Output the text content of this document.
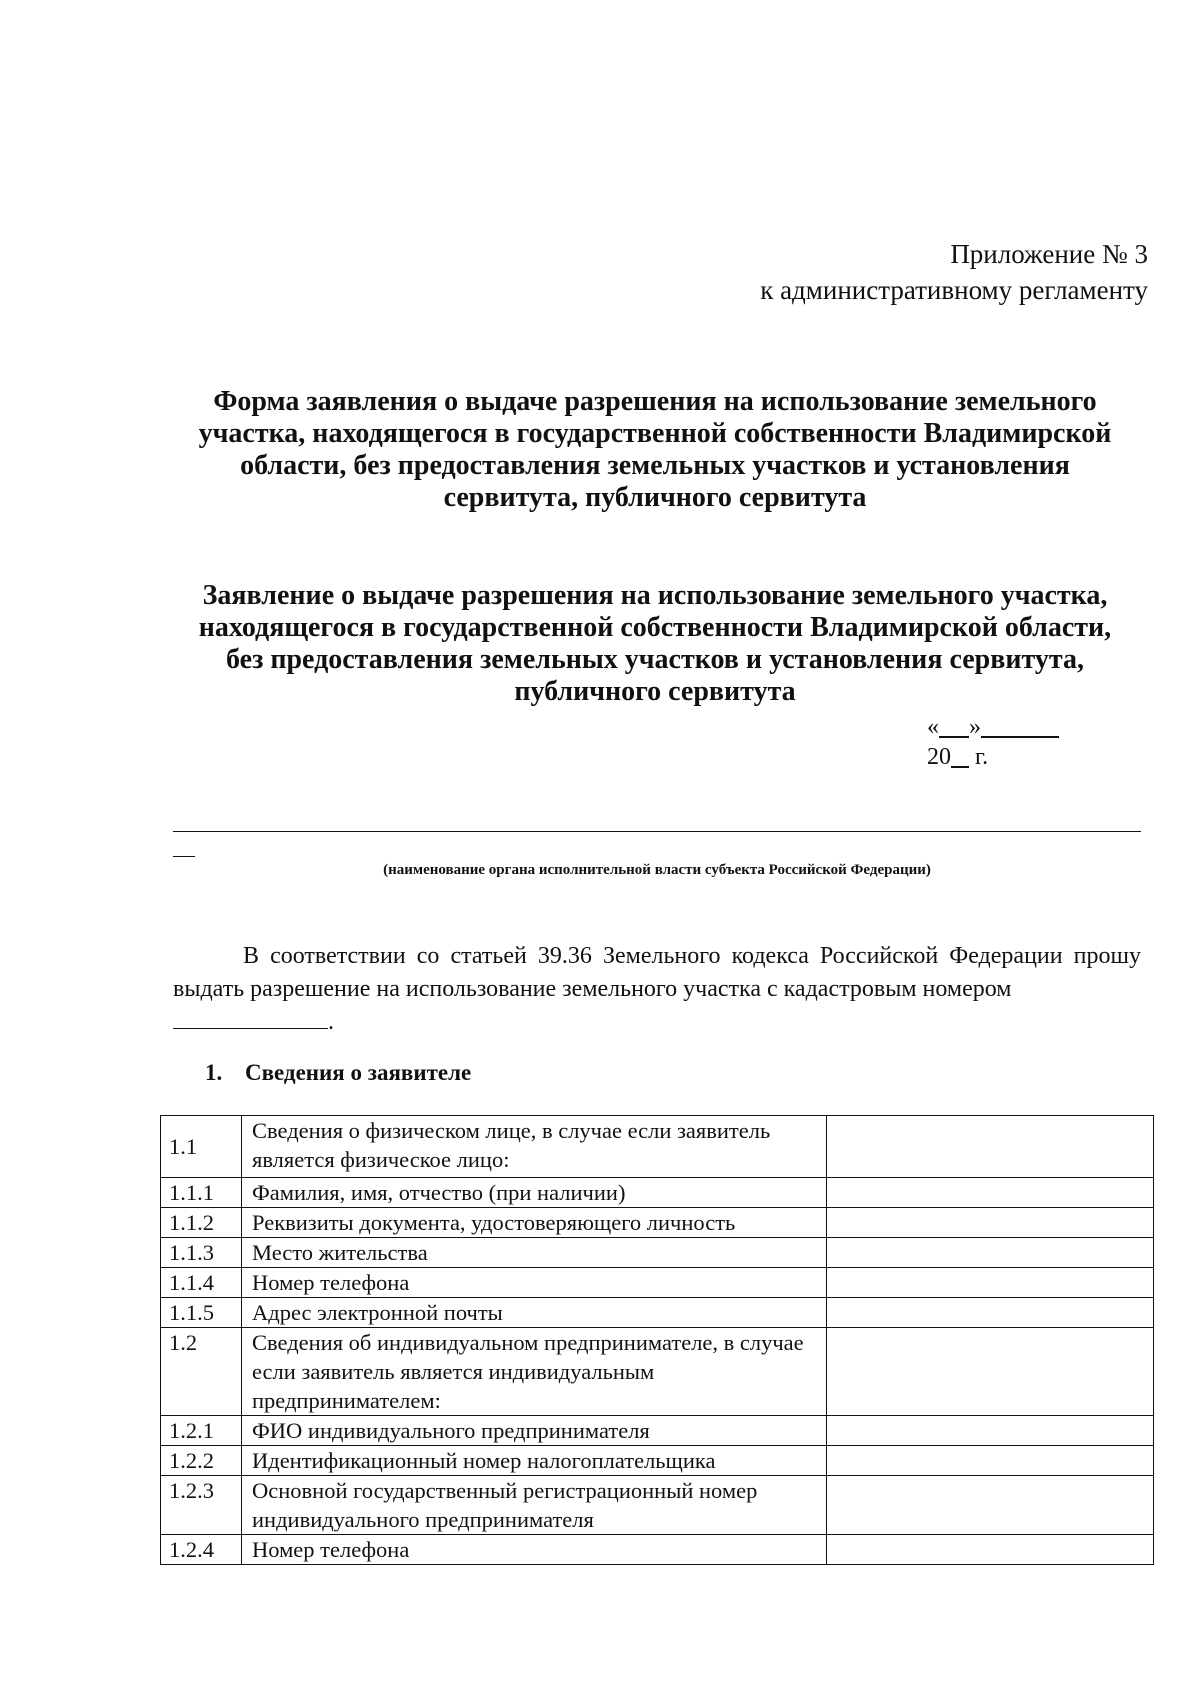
Приложение № 3
к административному регламенту
Форма заявления о выдаче разрешения на использование земельного
участка, находящегося в государственной собственности Владимирской
области, без предоставления земельных участков и установления
сервитута, публичного сервитута
Заявление о выдаче разрешения на использование земельного участка,
находящегося в государственной собственности Владимирской области,
без предоставления земельных участков и установления сервитута,
публичного сервитута
« »
20 г.
(наименование органа исполнительной власти субъекта Российской Федерации)

В соответствии со статьей 39.36 Земельного кодекса Российской Федерации прошу выдать разрешение на использование земельного участка с кадастровым номером

.
1. Сведения о заявителе
1.1	Сведения о физическом лице, в случае если заявитель является физическое лицо:	
1.1.1	Фамилия, имя, отчество (при наличии)	
1.1.2	Реквизиты документа, удостоверяющего личность	
1.1.3	Место жительства	
1.1.4	Номер телефона	
1.1.5	Адрес электронной почты	
1.2	Сведения об индивидуальном предпринимателе, в случае если заявитель является индивидуальным предпринимателем:	
1.2.1	ФИО индивидуального предпринимателя	
1.2.2	Идентификационный номер налогоплательщика	
1.2.3	Основной государственный регистрационный номер индивидуального предпринимателя	
1.2.4	Номер телефона	
